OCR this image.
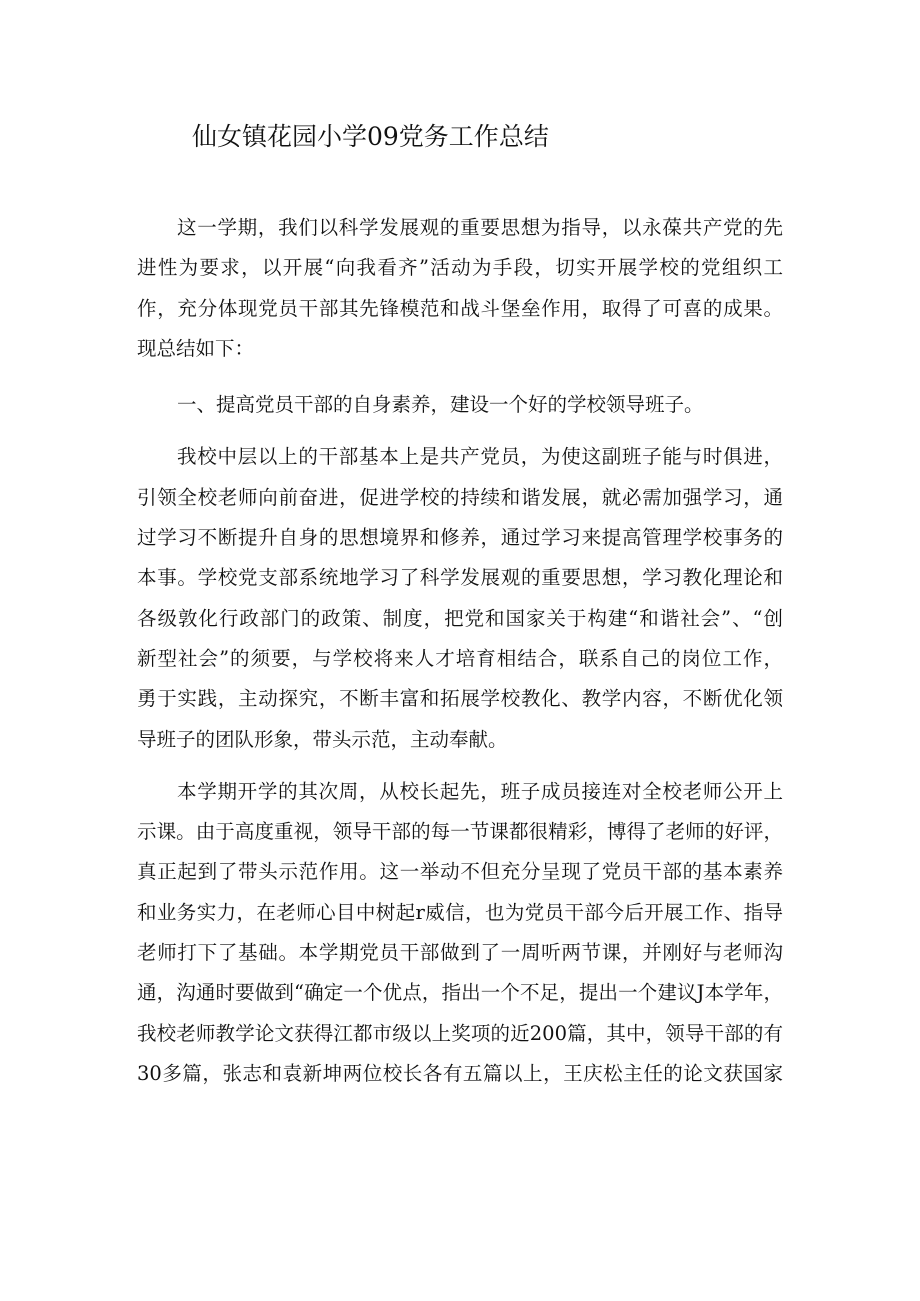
仙女镇花园小学09党务工作总结
这一学期，我们以科学发展观的重要思想为指导，以永葆共产党的先
进性为要求，以开展“向我看齐”活动为手段，切实开展学校的党组织工
作，充分体现党员干部其先锋模范和战斗堡垒作用，取得了可喜的成果。
现总结如下：
一、提高党员干部的自身素养，建设一个好的学校领导班子。
我校中层以上的干部基本上是共产党员，为使这副班子能与时俱进，
引领全校老师向前奋进，促进学校的持续和谐发展，就必需加强学习，通
过学习不断提升自身的思想境界和修养，通过学习来提高管理学校事务的
本事。学校党支部系统地学习了科学发展观的重要思想，学习教化理论和
各级敦化行政部门的政策、制度，把党和国家关于构建“和谐社会”、“创
新型社会”的须要，与学校将来人才培育相结合，联系自己的岗位工作，
勇于实践，主动探究，不断丰富和拓展学校教化、教学内容，不断优化领
导班子的团队形象，带头示范，主动奉献。
本学期开学的其次周，从校长起先，班子成员接连对全校老师公开上
示课。由于高度重视，领导干部的每一节课都很精彩，博得了老师的好评，
真正起到了带头示范作用。这一举动不但充分呈现了党员干部的基本素养
和业务实力，在老师心目中树起r威信，也为党员干部今后开展工作、指导
老师打下了基础。本学期党员干部做到了一周听两节课，并刚好与老师沟
通，沟通时要做到“确定一个优点，指出一个不足，提出一个建议J本学年，
我校老师教学论文获得江都市级以上奖项的近200篇，其中，领导干部的有
30多篇，张志和袁新坤两位校长各有五篇以上，王庆松主任的论文获国家
